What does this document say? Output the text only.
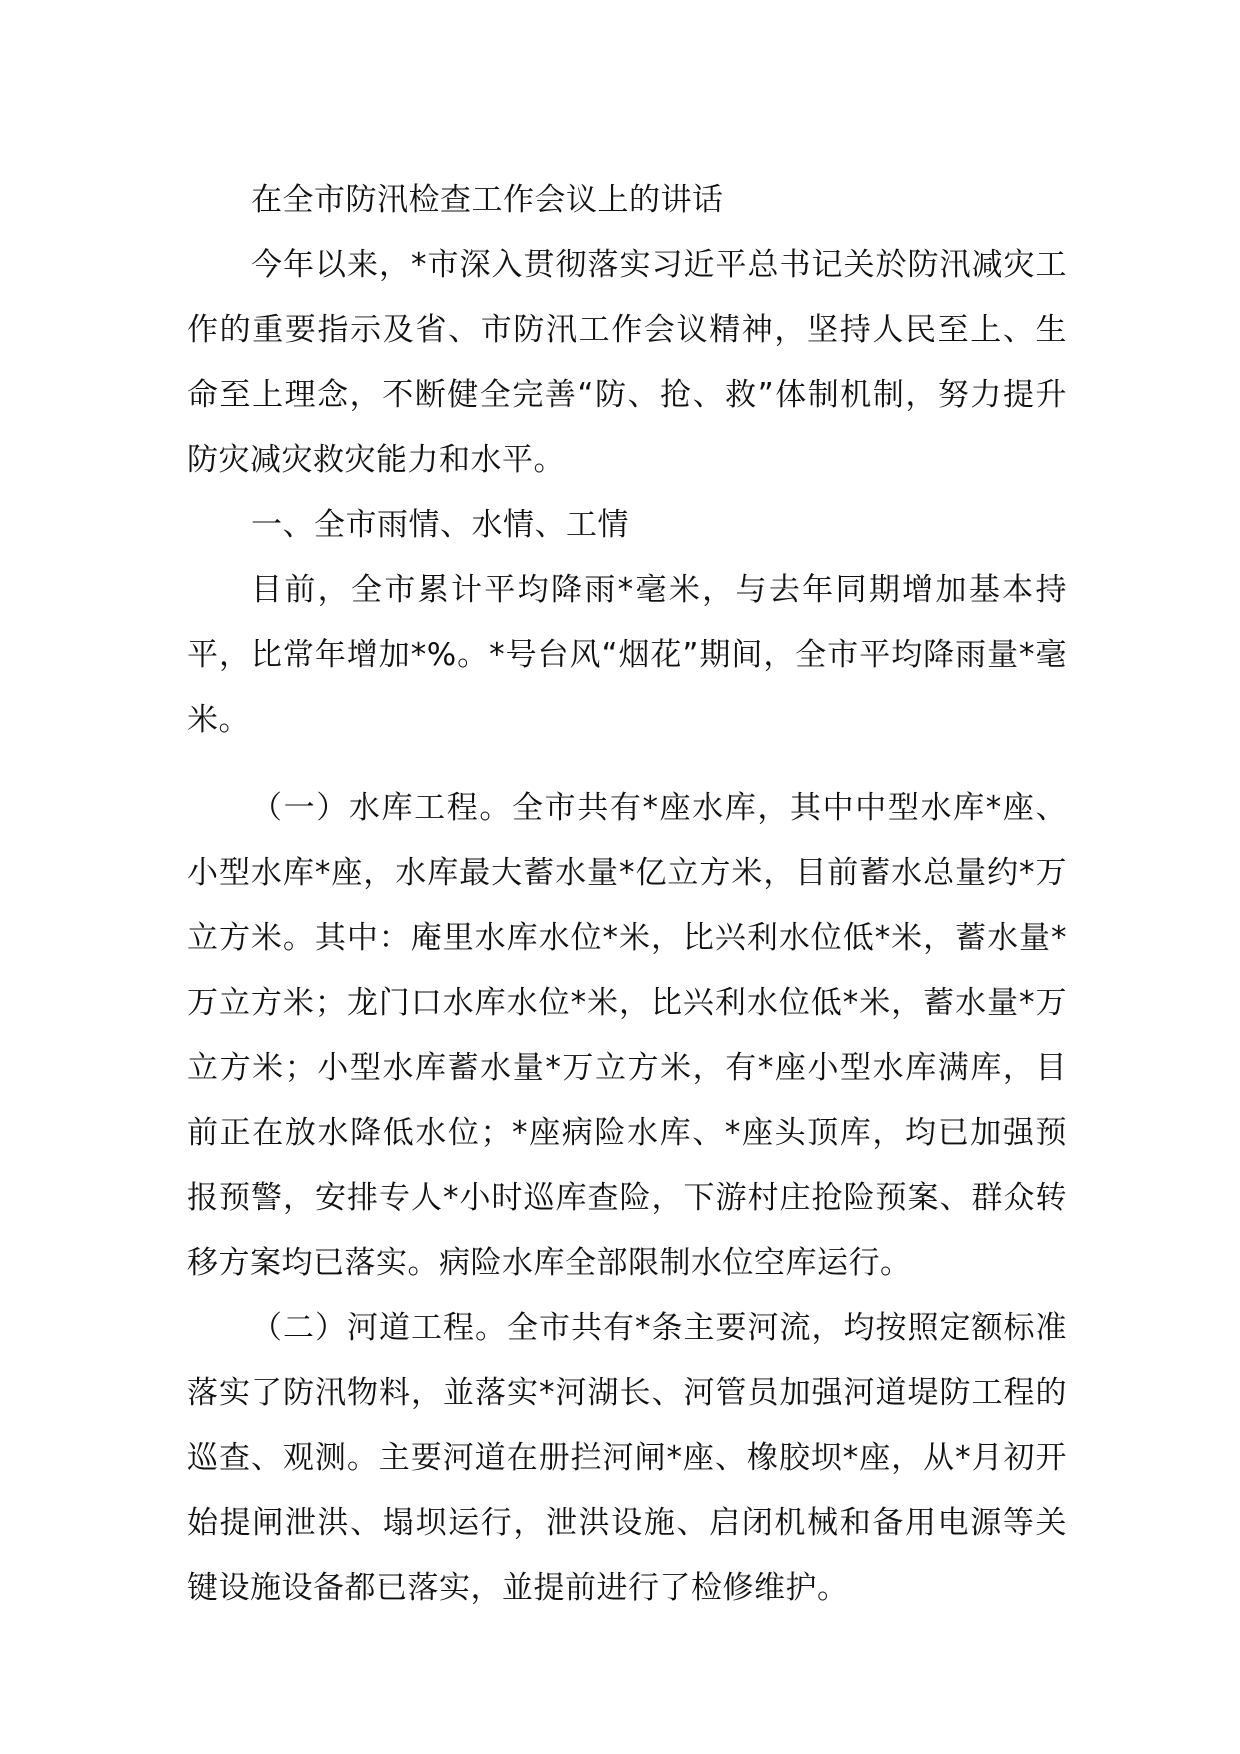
在全市防汛检查工作会议上的讲话

今年以来，*市深入贯彻落实习近平总书记关於防汛减灾工作的重要指示及省、市防汛工作会议精神，坚持人民至上、生命至上理念，不断健全完善“防、抢、救”体制机制，努力提升防灾减灾救灾能力和水平。

一、全市雨情、水情、工情

目前，全市累计平均降雨*毫米，与去年同期增加基本持平，比常年增加*%。*号台风“烟花”期间，全市平均降雨量*毫米。

（一）水库工程。全市共有*座水库，其中中型水库*座、小型水库*座，水库最大蓄水量*亿立方米，目前蓄水总量约*万立方米。其中：庵里水库水位*米，比兴利水位低*米，蓄水量*万立方米；龙门口水库水位*米，比兴利水位低*米，蓄水量*万立方米；小型水库蓄水量*万立方米，有*座小型水库满库，目前正在放水降低水位；*座病险水库、*座头顶库，均已加强预报预警，安排专人*小时巡库查险，下游村庄抢险预案、群众转移方案均已落实。病险水库全部限制水位空库运行。

（二）河道工程。全市共有*条主要河流，均按照定额标准落实了防汛物料，並落实*河湖长、河管员加强河道堤防工程的巡查、观测。主要河道在册拦河闸*座、橡胶坝*座，从*月初开始提闸泄洪、塌坝运行，泄洪设施、启闭机械和备用电源等关键设施设备都已落实，並提前进行了检修维护。
